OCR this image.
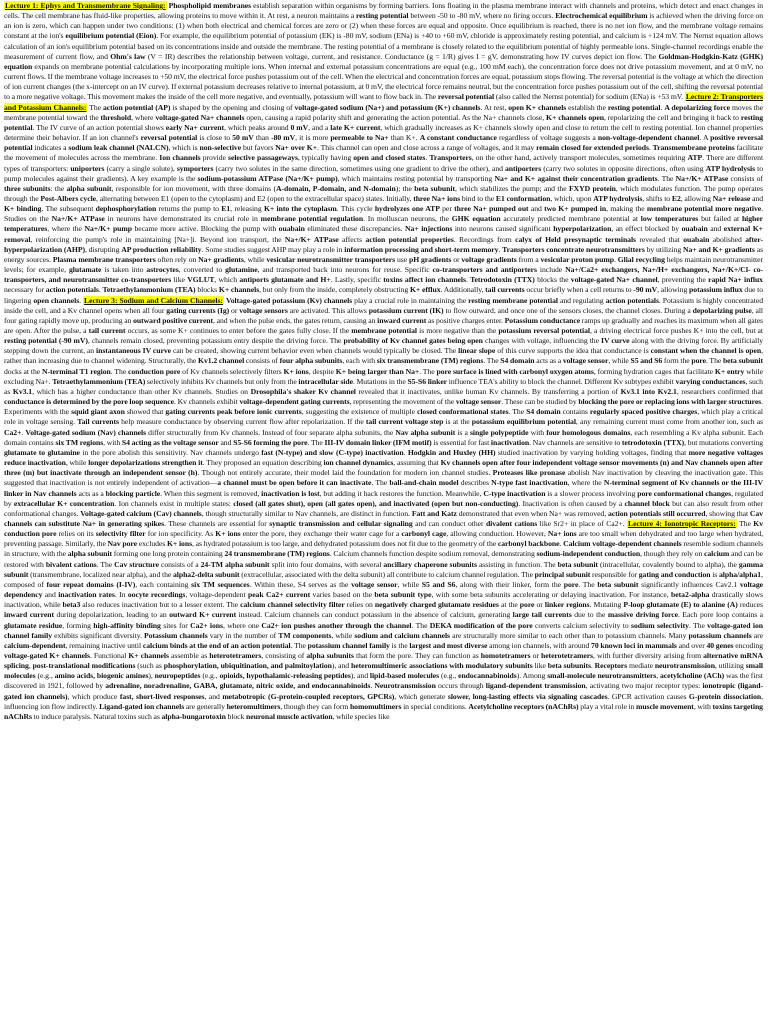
Lecture 1: Ephys and Transmembrane Signaling: Phospholipid membranes establish separation within organisms by forming barriers. Ions floating in the plasma membrane interact with channels and proteins, which detect and enact changes in cells. The cell membrane has fluid-like properties, allowing proteins to move within it. At rest, a neuron maintains a resting potential between -50 to -80 mV, where no firing occurs. Electrochemical equilibrium is achieved when the driving force on an ion is zero, which can happen under two conditions: (1) when both electrical and chemical forces are zero or (2) when these forces are equal and opposite. Once equilibrium is reached, there is no net ion flow, and the membrane voltage remains constant at the ion's equilibrium potential (Eion). For example, the equilibrium potential of potassium (EK) is -80 mV, sodium (ENa) is +40 to +60 mV, chloride is approximately resting potential, and calcium is +124 mV. The Nernst equation allows calculation of an ion's equilibrium potential based on its concentrations inside and outside the membrane. The resting potential of a membrane is closely related to the equilibrium potential of highly permeable ions. Single-channel recordings enable the measurement of current flow, and Ohm's law (V = IR) describes the relationship between voltage, current, and resistance. Conductance (g = 1/R) gives I = gV, demonstrating how IV curves depict ion flow. The Goldman-Hodgkin-Katz (GHK) equation expands on membrane potential calculations by incorporating multiple ions. When internal and external potassium concentrations are equal (e.g., 100 mM each), the concentration force does not drive potassium movement, and at 0 mV, no current flows. If the membrane voltage increases to +50 mV, the electrical force pushes potassium out of the cell. When the electrical and concentration forces are equal, potassium stops flowing. The reversal potential is the voltage at which the direction of ion current changes (the x-intercept on an IV curve). If external potassium decreases relative to internal potassium, at 0 mV, the electrical force remains neutral, but the concentration force pushes potassium out of the cell, shifting the reversal potential to a more negative voltage. This movement makes the inside of the cell more negative, and eventually, potassium will want to flow back in. The reversal potential (also called the Nernst potential) for sodium (ENa) is +53 mV. Lecture 2: Transporters and Potassium Channels: The action potential (AP) is shaped by the opening and closing of voltage-gated sodium (Na+) and potassium (K+) channels. At rest, open K+ channels establish the resting potential. A depolarizing force moves the membrane potential toward the threshold, where voltage-gated Na+ channels open, causing a rapid polarity shift and generating the action potential. As the Na+ channels close, K+ channels open, repolarizing the cell and bringing it back to resting potential. The IV curve of an action potential shows early Na+ current, which peaks around 0 mV, and a late K+ current, which gradually increases as K+ channels slowly open and close to return the cell to resting potential. Ion channel properties determine their behavior. If an ion channel's reversal potential is close to 50 mV than -80 mV, it is more permeable to Na+ than K+. A constant conductance regardless of voltage suggests a non-voltage-dependent channel. A positive reversal potential indicates a sodium leak channel (NALCN), which is non-selective but favors Na+ over K+. This channel can open and close across a range of voltages, and it may remain closed for extended periods. Transmembrane proteins facilitate the movement of molecules across the membrane. Ion channels provide selective passageways, typically having open and closed states. Transporters, on the other hand, actively transport molecules, sometimes requiring ATP. There are different types of transporters: uniporters (carry a single solute), symporters (carry two solutes in the same direction, sometimes using one gradient to drive the other), and antiporters (carry two solutes in opposite directions, often using ATP hydrolysis to pump molecules against their gradients). A key example is the sodium-potassium ATPase (Na+/K+ pump), which maintains resting potential by transporting Na+ and K+ against their concentration gradients. The Na+/K+ ATPase consists of three subunits: the alpha subunit, responsible for ion movement, with three domains (A-domain, P-domain, and N-domain); the beta subunit, which stabilizes the pump; and the FXYD protein, which modulates function. The pump operates through the Post-Albers cycle, alternating between E1 (open to the cytoplasm) and E2 (open to the extracellular space) states. Initially, three Na+ ions bind to the E1 conformation, which, upon ATP hydrolysis, shifts to E2, allowing Na+ release and K+ binding. The subsequent dephosphorylation returns the pump to E1, releasing K+ into the cytoplasm. This cycle hydrolyzes one ATP per three Na+ pumped out and two K+ pumped in, making the membrane potential more negative. Studies on the Na+/K+ ATPase in neurons have demonstrated its crucial role in membrane potential regulation. In molluscan neurons, the GHK equation accurately predicted membrane potential at low temperatures but failed at higher temperatures, where the Na+/K+ pump became more active. Blocking the pump with ouabain eliminated these discrepancies. Na+ injections into neurons caused significant hyperpolarization, an effect blocked by ouabain and external K+ removal, reinforcing the pump's role in maintaining [Na+]i. Beyond ion transport, the Na+/K+ ATPase affects action potential properties. Recordings from calyx of Held presynaptic terminals revealed that ouabain abolished after-hyperpolarization (AHP), disrupting AP production reliability. Some studies suggest AHP may play a role in information processing and short-term memory. Transporters concentrate neurotransmitters by utilizing Na+ and K+ gradients as energy sources. Plasma membrane transporters often rely on Na+ gradients, while vesicular neurotransmitter transporters use pH gradients or voltage gradients from a vesicular proton pump. Glial recycling helps maintain neurotransmitter levels; for example, glutamate is taken into astrocytes, converted to glutamine, and transported back into neurons for reuse. Specific co-transporters and antiporters include Na+/Ca2+ exchangers, Na+/H+ exchangers, Na+/K+/Cl- co-transporters, and neurotransmitter co-transporters like VGLUT, which antiports glutamate and H+. Lastly, specific toxins affect ion channels. Tetrodotoxin (TTX) blocks the voltage-gated Na+ channel, preventing the rapid Na+ influx necessary for action potentials. Tetraethylammonium (TEA) blocks K+ channels, but only from the inside, completely obstructing K+ efflux. Additionally, tail currents occur briefly when a cell returns to -90 mV, allowing potassium influx due to lingering open channels. Lecture 3: Sodium and Calcium Channels: Voltage-gated potassium (Kv) channels play a crucial role in maintaining the resting membrane potential and regulating action potentials. Potassium is highly concentrated inside the cell, and a Kv channel opens when all four gating currents (Ig) or voltage sensors are activated. This allows potassium current (IK) to flow outward, and once one of the sensors closes, the channel closes. During a depolarizing pulse, all four gating rapidly move up, producing an outward positive current, and when the pulse ends, the gates return, causing an inward current as positive charges enter. Potassium conductance ramps up gradually and reaches its maximum when all gates are open. After the pulse, a tail current occurs, as some K+ continues to enter before the gates fully close. If the membrane potential is more negative than the potassium reversal potential, a driving electrical force pushes K+ into the cell, but at resting potential (-90 mV), channels remain closed, preventing potassium entry despite the driving force. The probability of Kv channel gates being open changes with voltage, influencing the IV curve along with the driving force. By artificially stepping down the current, an instantaneous IV curve can be created, showing current behavior even when channels would typically be closed. The linear slope of this curve supports the idea that conductance is constant when the channel is open, rather than increasing due to channel widening. Structurally, the Kv1.2 channel consists of four alpha subunits, each with six transmembrane (TM) regions. The S4 domain acts as a voltage sensor, while S5 and S6 form the pore. The beta subunit docks at the N-terminal T1 region. The conduction pore of Kv channels selectively filters K+ ions, despite K+ being larger than Na+. The pore surface is lined with carbonyl oxygen atoms, forming hydration cages that facilitate K+ entry while excluding Na+. Tetraethylammonium (TEA) selectively inhibits Kv channels but only from the intracellular side. Mutations in the S5-S6 linker influence TEA's ability to block the channel. Different Kv subtypes exhibit varying conductances, such as Kv3.1, which has a higher conductance than other Kv channels. Studies on Drosophila's shaker Kv channel revealed that it inactivates, unlike human Kv channels. By transferring a portion of Kv3.1 into Kv2.1, researchers confirmed that conductance is determined by the pore loop sequence. Kv channels exhibit voltage-dependent gating currents, representing the movement of the voltage sensor. These can be studied by blocking the pore or replacing ions with larger structures. Experiments with the squid giant axon showed that gating currents peak before ionic currents, suggesting the existence of multiple closed conformational states. The S4 domain contains regularly spaced positive charges, which play a critical role in voltage sensing. Tail currents help measure conductance by observing current flow after repolarization. If the tail current voltage step is at the potassium equilibrium potential, any remaining current must come from another ion, such as Ca2+. Voltage-gated sodium (Nav) channels differ structurally from Kv channels. Instead of four separate alpha subunits, the Nav alpha subunit is a single polypeptide with four homologous domains, each resembling a Kv alpha subunit. Each domain contains six TM regions, with S4 acting as the voltage sensor and S5-S6 forming the pore. The III-IV domain linker (IFM motif) is essential for fast inactivation. Nav channels are sensitive to tetrodotoxin (TTX), but mutations converting glutamate to glutamine in the pore abolish this sensitivity. Nav channels undergo fast (N-type) and slow (C-type) inactivation. Hodgkin and Huxley (HH) studied inactivation by varying holding voltages, finding that more negative voltages reduce inactivation, while longer depolarizations strengthen it. They proposed an equation describing ion channel dynamics, assuming that Kv channels open after four independent voltage sensor movements (n) and Nav channels open after three (m) but inactivate through an independent sensor (h). Though not entirely accurate, their model laid the foundation for modern ion channel studies. Proteases like pronase abolish Nav inactivation by cleaving the inactivation gate. This suggested that inactivation is not entirely independent of activation—a channel must be open before it can inactivate. The ball-and-chain model describes N-type fast inactivation, where the N-terminal segment of Kv channels or the III-IV linker in Nav channels acts as a blocking particle. When this segment is removed, inactivation is lost, but adding it back restores the function. Meanwhile, C-type inactivation is a slower process involving pore conformational changes, regulated by extracellular K+ concentration. Ion channels exist in multiple states: closed (all gates shut), open (all gates open), and inactivated (open but non-conducting). Inactivation is often caused by a channel block but can also result from other conformational changes. Voltage-gated calcium (Cav) channels, though structurally similar to Nav channels, are distinct in function. Fatt and Katz demonstrated that even when Na+ was removed, action potentials still occurred, showing that Cav channels can substitute Na+ in generating spikes. These channels are essential for synaptic transmission and cellular signaling and can conduct other divalent cations like Sr2+ in place of Ca2+. Lecture 4: Ionotropic Receptors: The Kv conduction pore relies on its selectivity filter for ion specificity. As K+ ions enter the pore, they exchange their water cage for a carbonyl cage, allowing conduction. However, Na+ ions are too small when dehydrated and too large when hydrated, preventing passage. Similarly, the Nav pore excludes K+ ions, as hydrated potassium is too large, and dehydrated potassium does not fit due to the geometry of the carbonyl backbone. Calcium voltage-dependent channels resemble sodium channels in structure, with the alpha subunit forming one long protein containing 24 transmembrane (TM) regions. Calcium channels function despite sodium removal, demonstrating sodium-independent conduction, though they rely on calcium and can be restored with bivalent cations. The Cav structure consists of a 24-TM alpha subunit split into four domains, with several ancillary chaperone subunits assisting in function. The beta subunit (intracellular, covalently bound to alpha), the gamma subunit (transmembrane, localized near alpha), and the alpha2-delta subunit (extracellular, associated with the delta subunit) all contribute to calcium channel regulation. The principal subunit responsible for gating and conduction is alpha/alpha1, composed of four repeat domains (I-IV), each containing six TM sequences. Within these, S4 serves as the voltage sensor, while S5 and S6, along with their linker, form the pore. The beta subunit significantly influences Cav2.1 voltage dependency and inactivation rates. In oocyte recordings, voltage-dependent peak Ca2+ current varies based on the beta subunit type, with some beta subunits accelerating or delaying inactivation. For instance, beta2-alpha drastically slows inactivation, while beta3 also reduces inactivation but to a lesser extent. The calcium channel selectivity filter relies on negatively charged glutamate residues at the pore or linker regions. Mutating P-loop glutamate (E) to alanine (A) reduces inward current during depolarization, leading to an outward K+ current instead. Calcium channels can conduct potassium in the absence of calcium, generating large tail currents due to the massive driving force. Each pore loop contains a glutamate residue, forming high-affinity binding sites for Ca2+ ions, where one Ca2+ ion pushes another through the channel. The DEKA modification of the pore converts calcium selectivity to sodium selectivity. The voltage-gated ion channel family exhibits significant diversity. Potassium channels vary in the number of TM components, while sodium and calcium channels are structurally more similar to each other than to potassium channels. Many potassium channels are calcium-dependent, remaining inactive until calcium binds at the end of an action potential. The potassium channel family is the largest and most diverse among ion channels, with around 70 known loci in mammals and over 40 genes encoding voltage-gated K+ channels. Functional K+ channels assemble as heterotetramers, consisting of alpha subunits that form the pore. They can function as homotetramers or heterotetramers, with further diversity arising from alternative mRNA splicing, post-translational modifications (such as phosphorylation, ubiquitination, and palmitoylation), and heteromultimeric associations with modulatory subunits like beta subunits. Receptors mediate neurotransmission, utilizing small molecules (e.g., amino acids, biogenic amines), neuropeptides (e.g., opioids, hypothalamic-releasing peptides), and lipid-based molecules (e.g., endocannabinoids). Among small-molecule neurotransmitters, acetylcholine (ACh) was the first discovered in 1921, followed by adrenaline, noradrenaline, GABA, glutamate, nitric oxide, and endocannabinoids. Neurotransmission occurs through ligand-dependent transmission, activating two major receptor types: ionotropic (ligand-gated ion channels), which produce fast, short-lived responses, and metabotropic (G-protein-coupled receptors, GPCRs), which generate slower, long-lasting effects via signaling cascades. GPCR activation causes G-protein dissociation, influencing ion flow indirectly. Ligand-gated ion channels are generally heteromultimers, though they can form homomultimers in special conditions. Acetylcholine receptors (nAChRs) play a vital role in muscle movement, with toxins targeting nAChRs to induce paralysis. Natural toxins such as alpha-bungarotoxin block neuronal muscle activation, while species like
